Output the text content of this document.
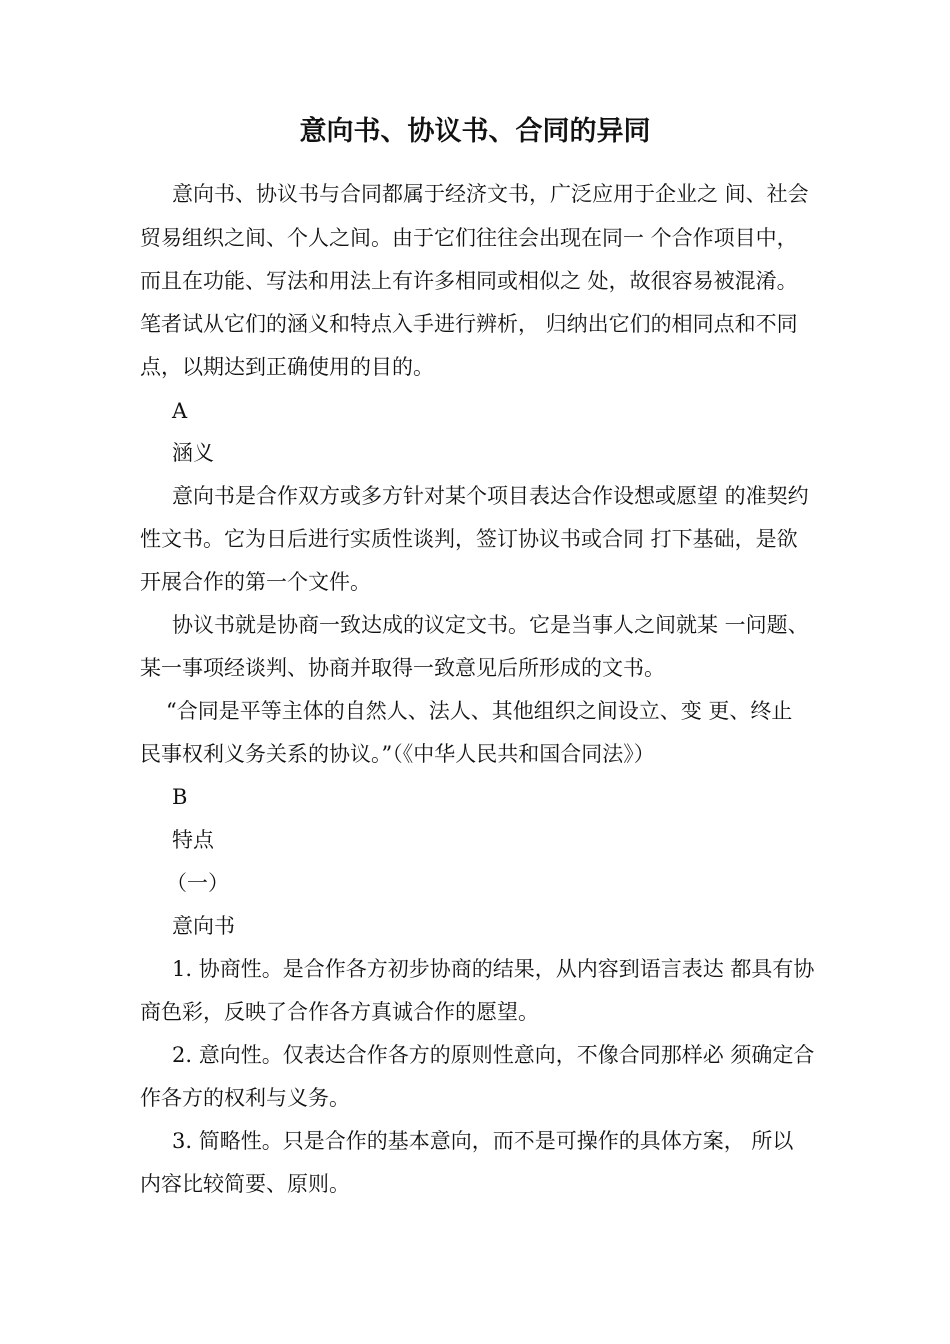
意向书、协议书、合同的异同
意向书、协议书与合同都属于经济文书，广泛应用于企业之 间、社会
贸易组织之间、个人之间。由于它们往往会出现在同一 个合作项目中，
而且在功能、写法和用法上有许多相同或相似之 处，故很容易被混淆。
笔者试从它们的涵义和特点入手进行辨析， 归纳出它们的相同点和不同
点，以期达到正确使用的目的。
A
涵义
意向书是合作双方或多方针对某个项目表达合作设想或愿望 的准契约
性文书。它为日后进行实质性谈判，签订协议书或合同 打下基础，是欲
开展合作的第一个文件。
协议书就是协商一致达成的议定文书。它是当事人之间就某 一问题、
某一事项经谈判、协商并取得一致意见后所形成的文书。
“合同是平等主体的自然人、法人、其他组织之间设立、变 更、终止
民事权利义务关系的协议。”（《中华人民共和国合同法》）
B
特点
（一）
意向书
1. 协商性。是合作各方初步协商的结果，从内容到语言表达 都具有协
商色彩，反映了合作各方真诚合作的愿望。
2. 意向性。仅表达合作各方的原则性意向，不像合同那样必 须确定合
作各方的权利与义务。
3. 简略性。只是合作的基本意向，而不是可操作的具体方案， 所以
内容比较简要、原则。
